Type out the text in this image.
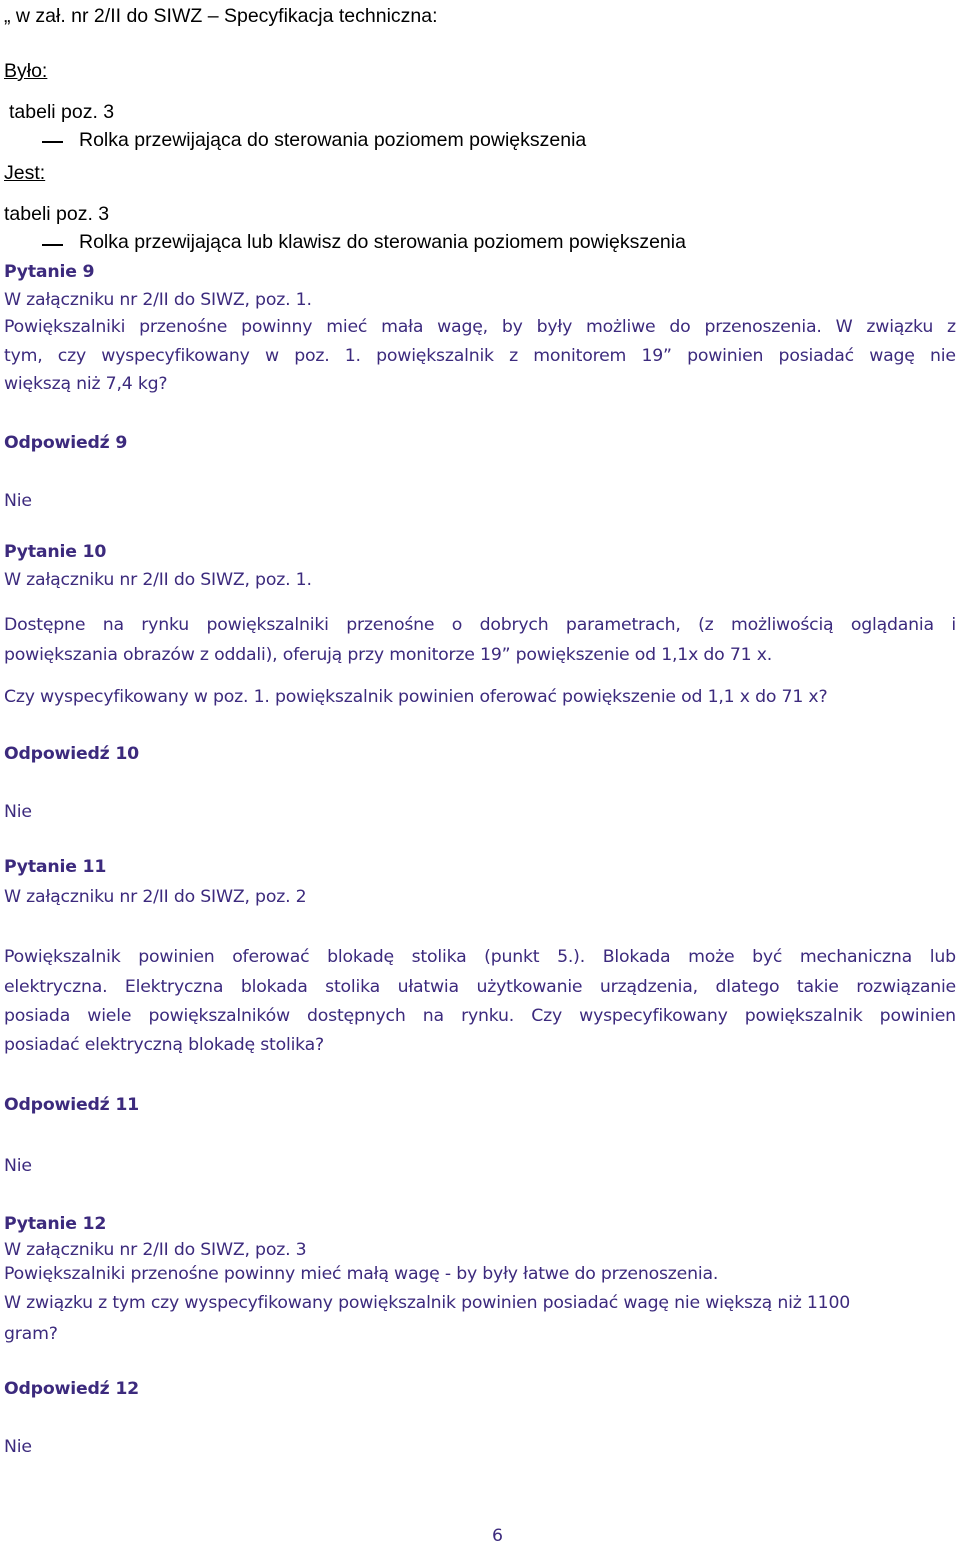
„ w zał. nr 2/II do SIWZ – Specyfikacja techniczna:
Było:
tabeli poz. 3
Rolka przewijająca do sterowania poziomem powiększenia
Jest:
tabeli poz. 3
Rolka przewijająca lub klawisz do sterowania poziomem powiększenia
Pytanie 9
W załączniku nr 2/II do SIWZ, poz. 1.
Powiększalniki przenośne powinny mieć mała wagę, by były możliwe do przenoszenia. W związku z
tym, czy wyspecyfikowany w poz. 1. powiększalnik z monitorem 19” powinien posiadać wagę nie
większą niż 7,4 kg?
Odpowiedź 9
Nie
Pytanie 10
W załączniku nr 2/II do SIWZ, poz. 1.
Dostępne na rynku powiększalniki przenośne o dobrych parametrach, (z możliwością oglądania i
powiększania obrazów z oddali), oferują przy monitorze 19” powiększenie od 1,1x do 71 x.
Czy wyspecyfikowany w poz. 1. powiększalnik powinien oferować powiększenie od 1,1 x do 71 x?
Odpowiedź 10
Nie
Pytanie 11
W załączniku nr 2/II do SIWZ, poz. 2
Powiększalnik powinien oferować blokadę stolika (punkt 5.). Blokada może być mechaniczna lub
elektryczna. Elektryczna blokada stolika ułatwia użytkowanie urządzenia, dlatego takie rozwiązanie
posiada wiele powiększalników dostępnych na rynku. Czy wyspecyfikowany powiększalnik powinien
posiadać elektryczną blokadę stolika?
Odpowiedź 11
Nie
Pytanie 12
W załączniku nr 2/II do SIWZ, poz. 3
Powiększalniki przenośne powinny mieć małą wagę - by były łatwe do przenoszenia.
W związku z tym czy wyspecyfikowany powiększalnik powinien posiadać wagę nie większą niż 1100
gram?
Odpowiedź 12
Nie
6
